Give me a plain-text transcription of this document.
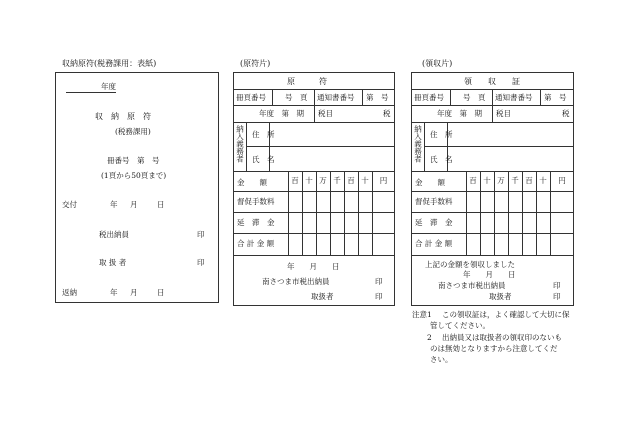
収納原符(税務課用：表紙)	(原符片)	(領収片)
年度
収　納　原　符
(税務課用)
冊番号　第　号
(1頁から50頁まで)
交付	年 月	日
税出納員	印
取 扱 者	印
返納	年 月	日
原　　　符
冊頁番号	号　頁 通知書番号 第　号
年度　第　期 税目	税
納入義務者 住　所
氏　名
金　　額	百 十 万 千 百 十	円
督促手数料
延　滞　金
合 計 金 額
年　　月　　日
南さつま市税出納員	印
取扱者	印
領　　収　　証
冊頁番号	号　頁 通知書番号 第　号
年度　第　期 税目	税
納入義務者 住　所
氏　名
金　　額	百 十 万 千 百 十	円
督促手数料
延　滞　金
合 計 金 額
上記の金額を領収しました
年　　月　　日
南さつま市税出納員	印
取扱者	印
注意1 この領収証は，よく確認して大切に保
管してください。
2 出納員又は取扱者の領収印のないも
のは無効となりますから注意してくだ
さい。
